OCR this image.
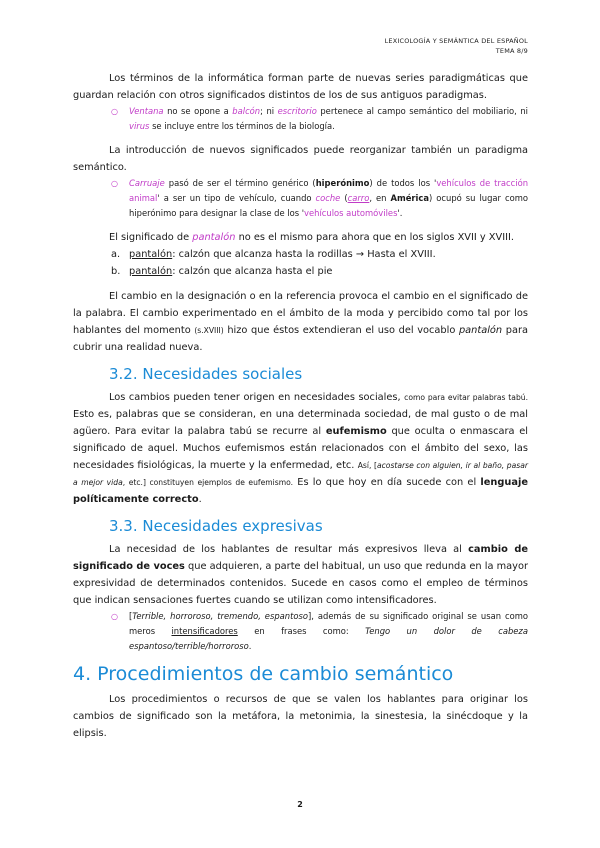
LEXICOLOGÍA Y SEMÁNTICA DEL ESPAÑOL
TEMA 8/9

Los términos de la informática forman parte de nuevas series paradigmáticas que guardan relación con otros significados distintos de los de sus antiguos paradigmas.

○ Ventana no se opone a balcón; ni escritorio pertenece al campo semántico del mobiliario, ni virus se incluye entre los términos de la biología.

La introducción de nuevos significados puede reorganizar también un paradigma semántico.

○ Carruaje pasó de ser el término genérico (hiperónimo) de todos los 'vehículos de tracción animal' a ser un tipo de vehículo, cuando coche (carro, en América) ocupó su lugar como hiperónimo para designar la clase de los 'vehículos automóviles'.

El significado de pantalón no es el mismo para ahora que en los siglos XVII y XVIII.

a. pantalón: calzón que alcanza hasta la rodillas → Hasta el XVIII.
b. pantalón: calzón que alcanza hasta el pie

El cambio en la designación o en la referencia provoca el cambio en el significado de la palabra. El cambio experimentado en el ámbito de la moda y percibido como tal por los hablantes del momento (s.XVIII) hizo que éstos extendieran el uso del vocablo pantalón para cubrir una realidad nueva.

3.2. Necesidades sociales

Los cambios pueden tener origen en necesidades sociales, como para evitar palabras tabú. Esto es, palabras que se consideran, en una determinada sociedad, de mal gusto o de mal agüero. Para evitar la palabra tabú se recurre al eufemismo que oculta o enmascara el significado de aquel. Muchos eufemismos están relacionados con el ámbito del sexo, las necesidades fisiológicas, la muerte y la enfermedad, etc. Así, [acostarse con alguien, ir al baño, pasar a mejor vida, etc.] constituyen ejemplos de eufemismo. Es lo que hoy en día sucede con el lenguaje políticamente correcto.

3.3. Necesidades expresivas

La necesidad de los hablantes de resultar más expresivos lleva al cambio de significado de voces que adquieren, a parte del habitual, un uso que redunda en la mayor expresividad de determinados contenidos. Sucede en casos como el empleo de términos que indican sensaciones fuertes cuando se utilizan como intensificadores.

○ [Terrible, horroroso, tremendo, espantoso], además de su significado original se usan como meros intensificadores en frases como: Tengo un dolor de cabeza espantoso/terrible/horroroso.
4. Procedimientos de cambio semántico

Los procedimientos o recursos de que se valen los hablantes para originar los cambios de significado son la metáfora, la metonimia, la sinestesia, la sinécdoque y la elipsis.

2
